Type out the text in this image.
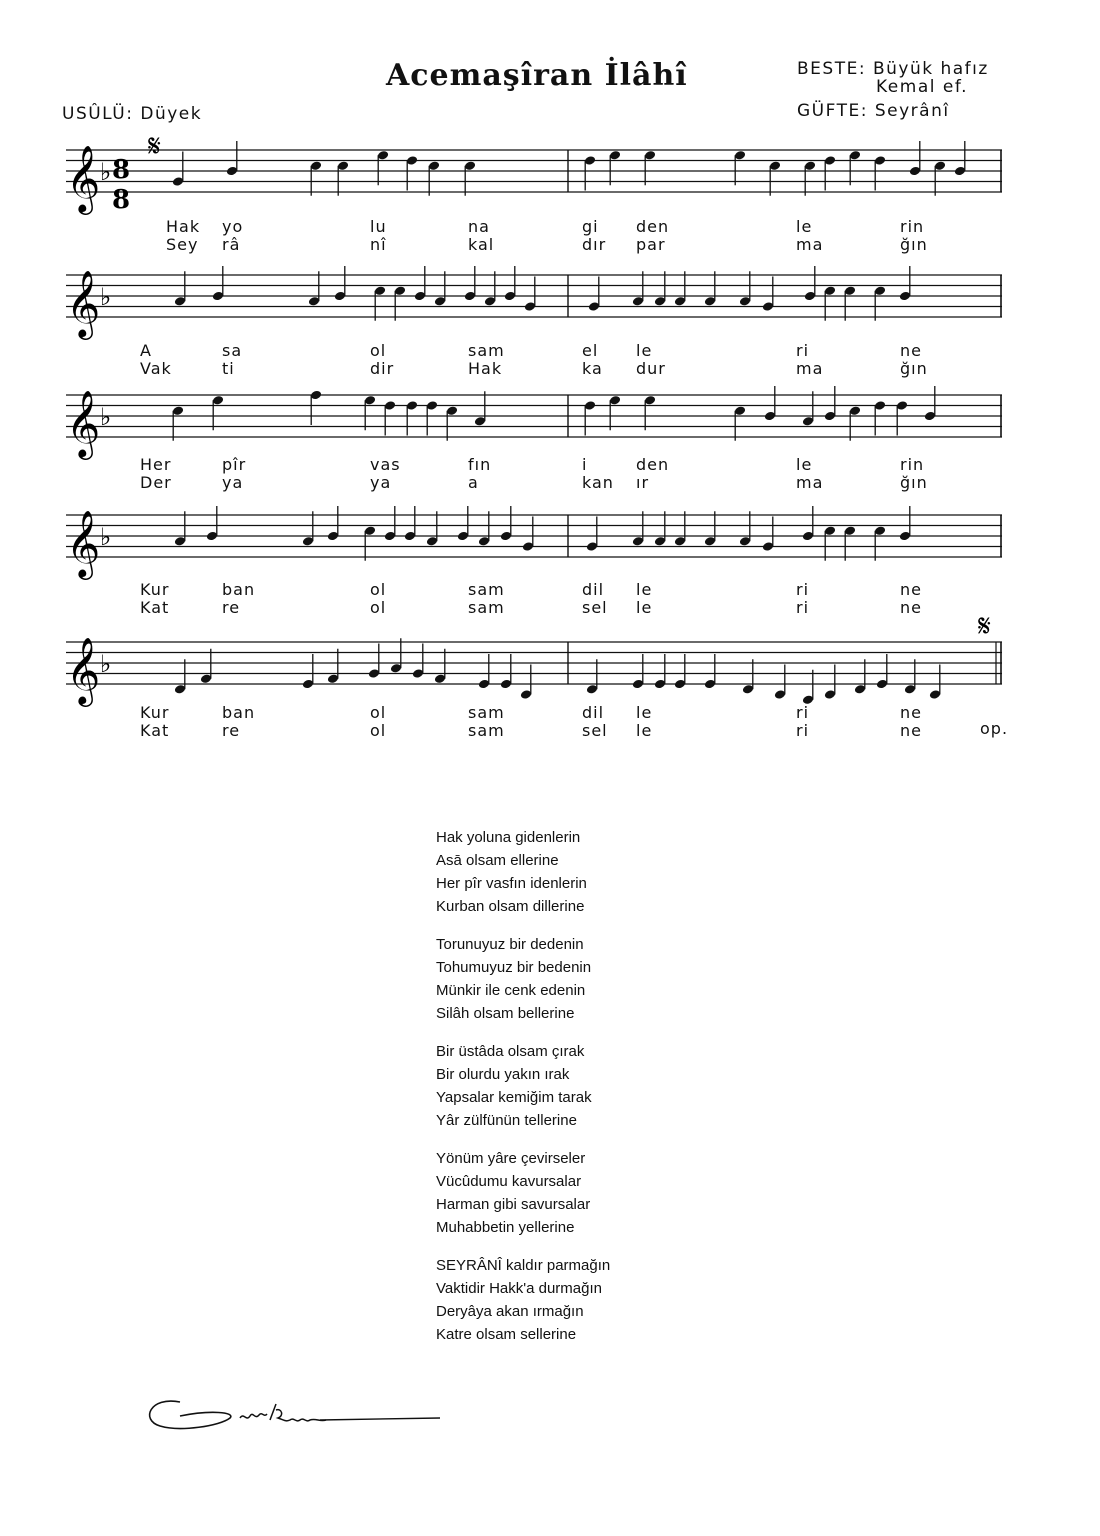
Acemaşîran İlâhî	BESTE: Büyük hafız
Kemal ef.
GÜFTE: Seyrânî
USÛLÜ: Düyek
𝄞 ♭
𝄞 ♭
𝄞 ♭
𝄞 ♭
𝄞 ♭
𝄋
𝄋
8
8
Hak yo	lu	na	gi den	le	rin
Sey râ	nî	kal	dır par	ma	ğın
A	sa	ol	sam	el le	ri	ne
Vak	ti	dir	Hak	ka dur	ma	ğın
Her	pîr	vas	fın	i	den	le	rin
Der	ya	ya	a	kan ır	ma	ğın
Kur	ban	ol	sam	dil le	ri	ne
Kat	re	ol	sam	sel le	ri	ne
Kur	ban	ol	sam	dil le	ri	ne
Kat	re	ol	sam	sel le	ri	ne	op.
Hak yoluna gidenlerin
Asā olsam ellerine
Her pîr vasfın idenlerin
Kurban olsam dillerine
Torunuyuz bir dedenin
Tohumuyuz bir bedenin
Münkir ile cenk edenin
Silâh olsam bellerine
Bir üstâda olsam çırak
Bir olurdu yakın ırak
Yapsalar kemiğim tarak
Yâr zülfünün tellerine
Yönüm yâre çevirseler
Vücûdumu kavursalar
Harman gibi savursalar
Muhabbetin yellerine
SEYRÂNÎ kaldır parmağın
Vaktidir Hakk'a durmağın
Deryâya akan ırmağın
Katre olsam sellerine
